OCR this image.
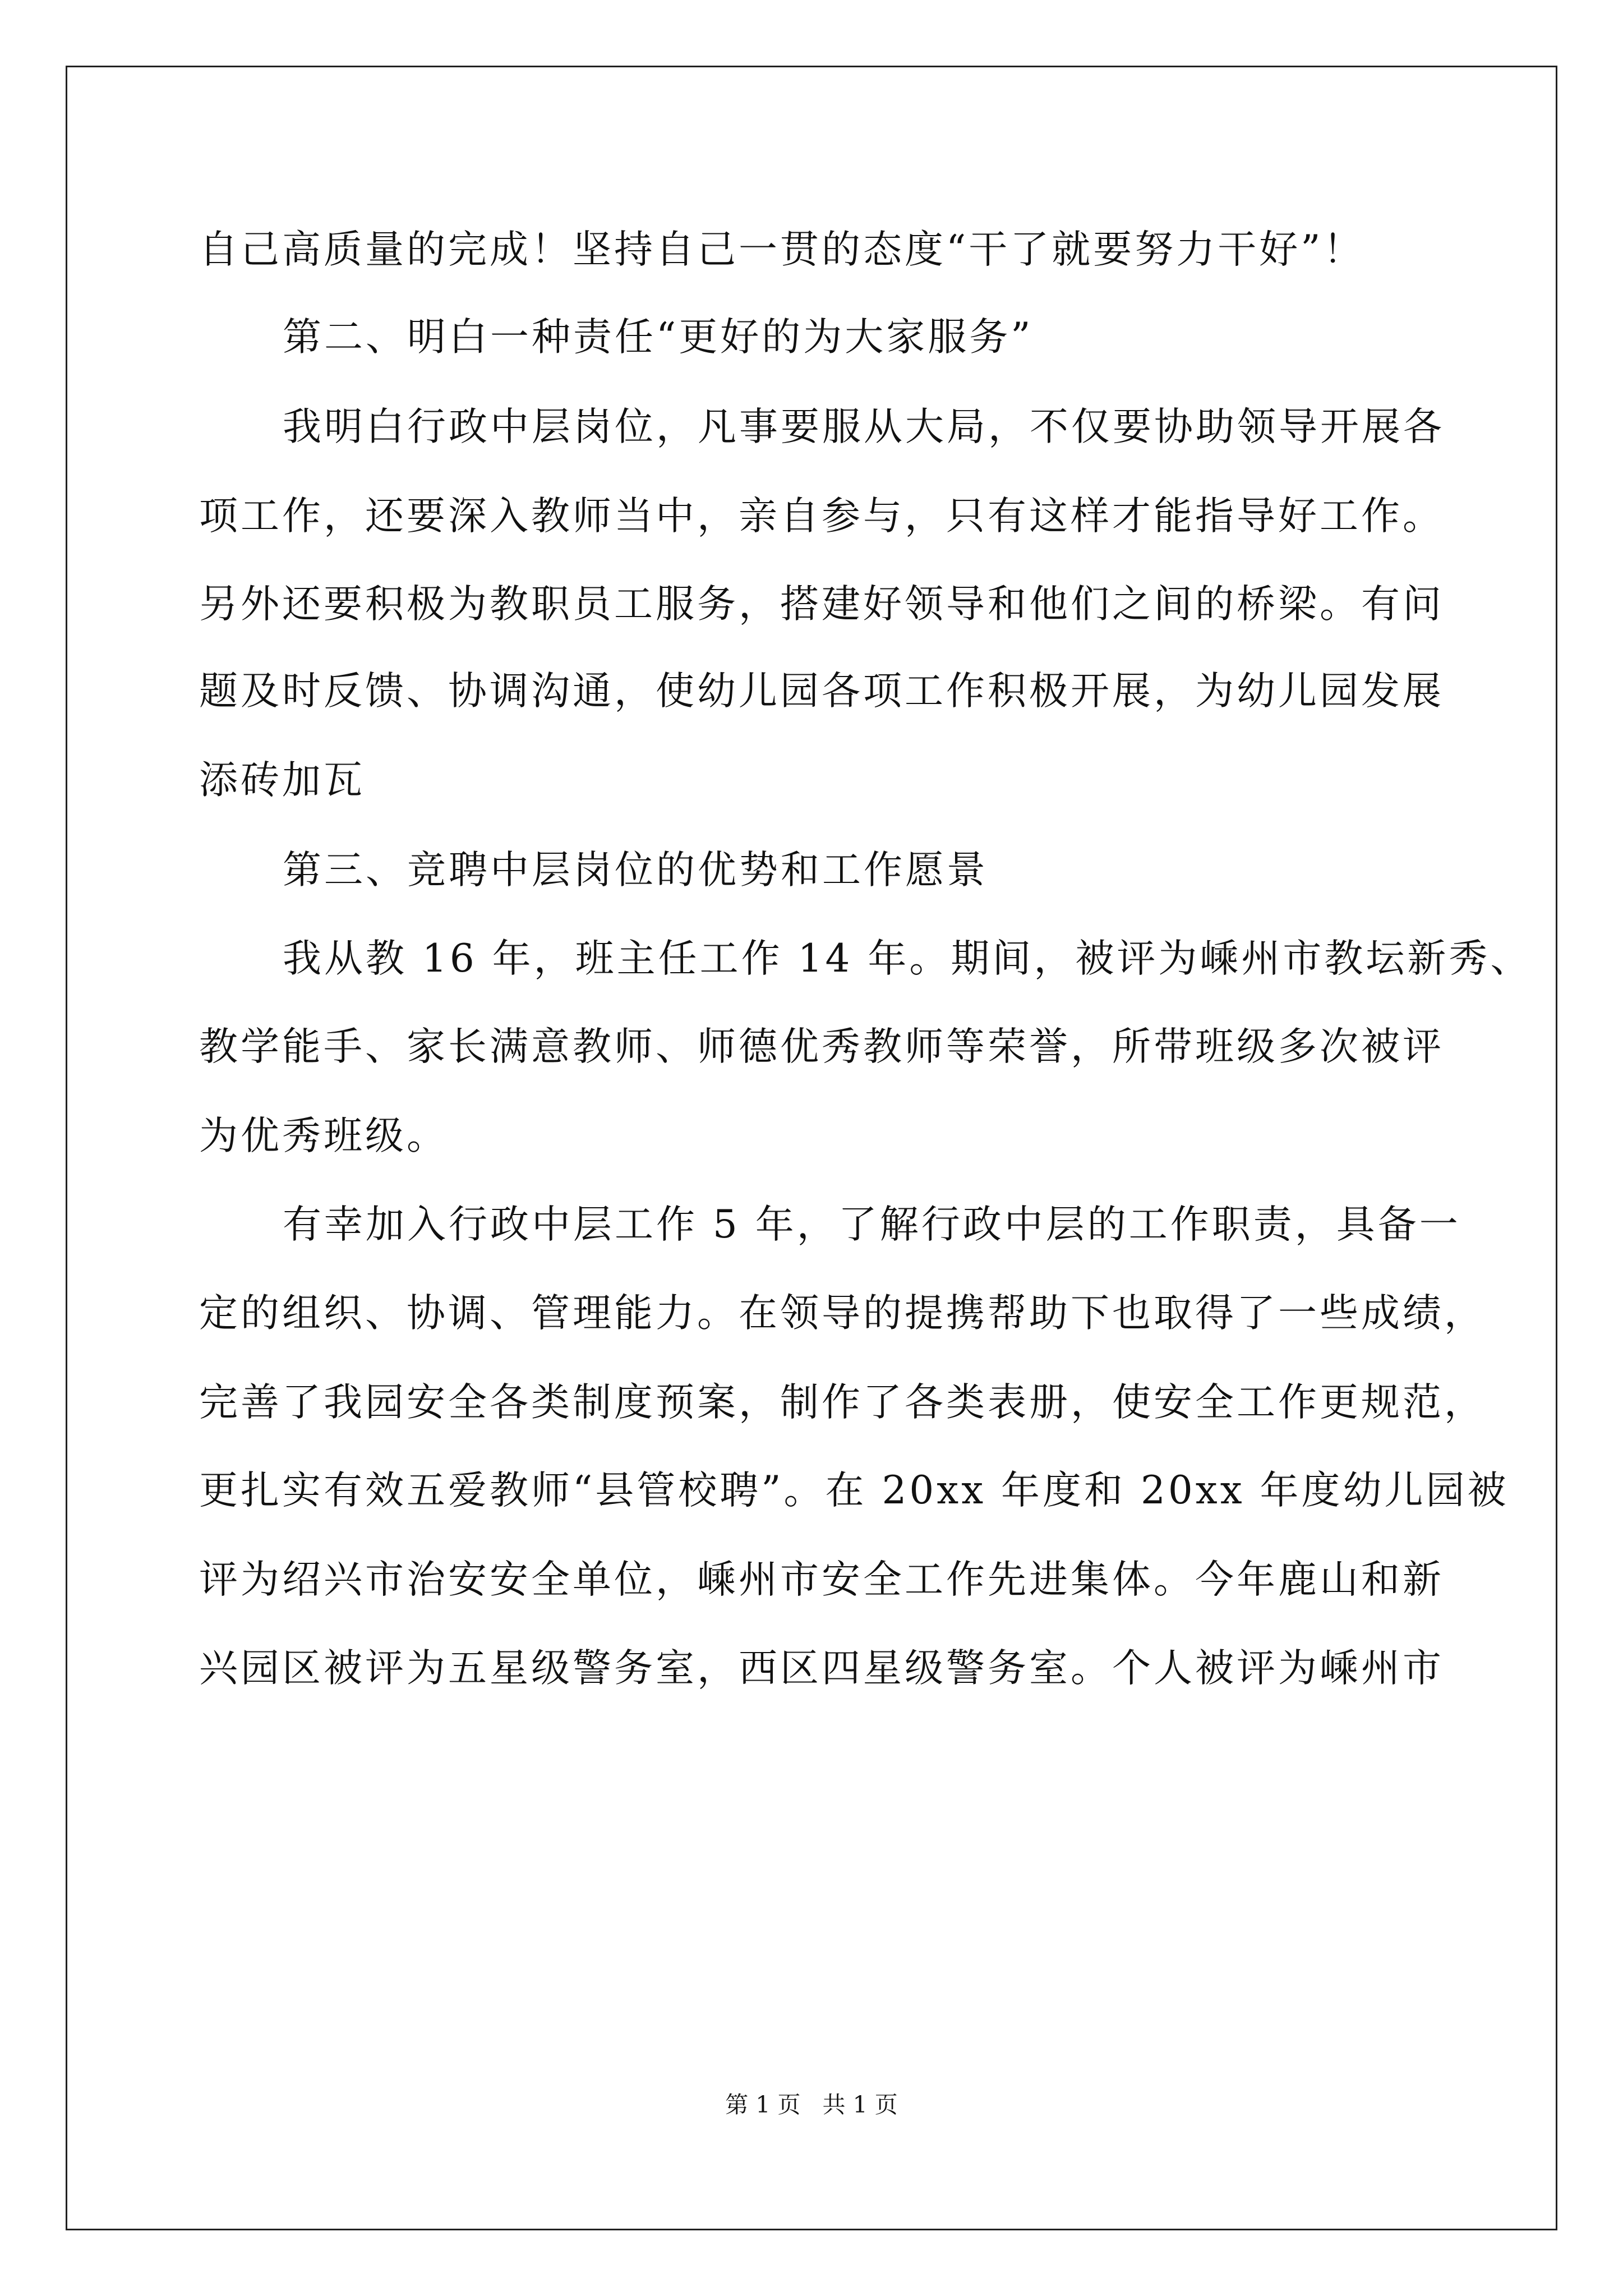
自己高质量的完成！坚持自己一贯的态度“干了就要努力干好”！
第二、明白一种责任“更好的为大家服务”
我明白行政中层岗位，凡事要服从大局，不仅要协助领导开展各
项工作，还要深入教师当中，亲自参与，只有这样才能指导好工作。
另外还要积极为教职员工服务，搭建好领导和他们之间的桥梁。有问
题及时反馈、协调沟通，使幼儿园各项工作积极开展，为幼儿园发展
添砖加瓦
第三、竞聘中层岗位的优势和工作愿景
我从教 16 年，班主任工作 14 年。期间，被评为嵊州市教坛新秀、
教学能手、家长满意教师、师德优秀教师等荣誉，所带班级多次被评
为优秀班级。
有幸加入行政中层工作 5 年，了解行政中层的工作职责，具备一
定的组织、协调、管理能力。在领导的提携帮助下也取得了一些成绩，
完善了我园安全各类制度预案，制作了各类表册，使安全工作更规范，
更扎实有效五爱教师“县管校聘”。在 20xx 年度和 20xx 年度幼儿园被
评为绍兴市治安安全单位，嵊州市安全工作先进集体。今年鹿山和新
兴园区被评为五星级警务室，西区四星级警务室。个人被评为嵊州市
第 1 页   共 1 页
